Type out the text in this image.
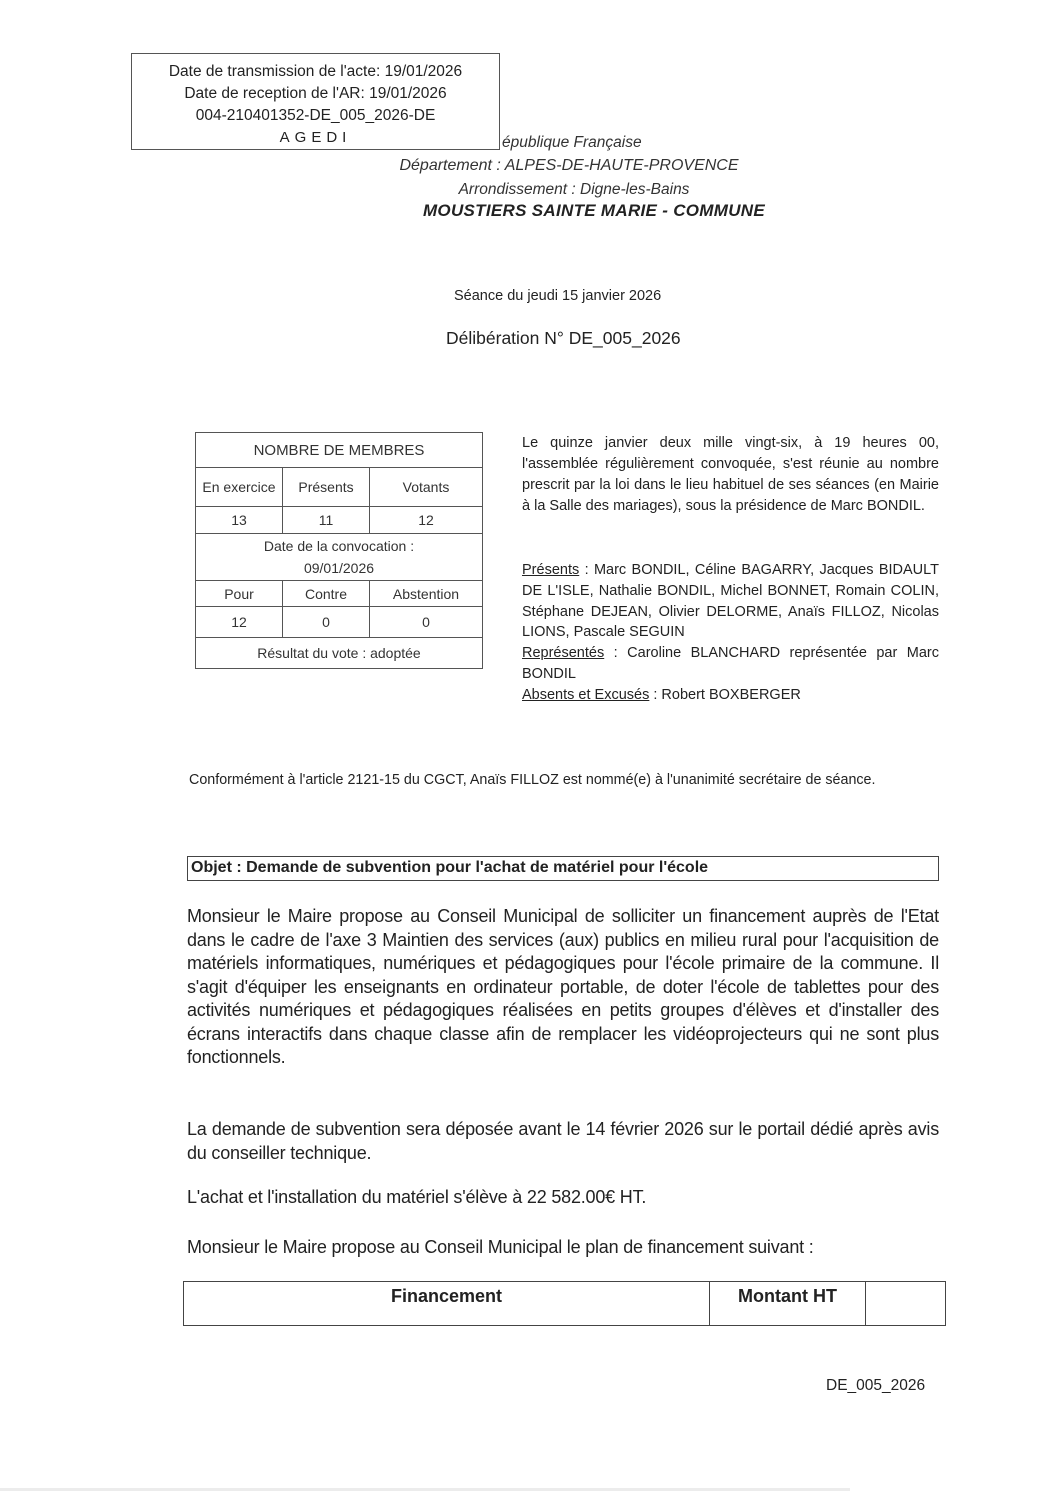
Date de transmission de l'acte: 19/01/2026
Date de reception de l'AR: 19/01/2026
004-210401352-DE_005_2026-DE
AGEDI	épublique Française
Département : ALPES-DE-HAUTE-PROVENCE
Arrondissement : Digne-les-Bains
MOUSTIERS SAINTE MARIE - COMMUNE
Séance du jeudi 15 janvier 2026
Délibération N° DE_005_2026
NOMBRE DE MEMBRES		
En exercice	Présents	Votants
13	11	12

Date de la convocation :
09/01/2026		

Pour	Contre	Abstention
12	0	0
Résultat du vote : adoptée		
Le quinze janvier deux mille vingt-six, à 19 heures 00, l'assemblée régulièrement convoquée, s'est réunie au nombre prescrit par la loi dans le lieu habituel de ses séances (en Mairie à la Salle des mariages), sous la présidence de Marc BONDIL.
Présents : Marc BONDIL, Céline BAGARRY, Jacques BIDAULT DE L'ISLE, Nathalie BONDIL, Michel BONNET, Romain COLIN, Stéphane DEJEAN, Olivier DELORME, Anaïs FILLOZ, Nicolas LIONS, Pascale SEGUIN
Représentés : Caroline BLANCHARD représentée par Marc BONDIL
Absents et Excusés : Robert BOXBERGER
Conformément à l'article 2121-15 du CGCT, Anaïs FILLOZ est nommé(e) à l'unanimité secrétaire de séance.
Objet : Demande de subvention pour l'achat de matériel pour l'école
Monsieur le Maire propose au Conseil Municipal de solliciter un financement auprès de l'Etat dans le cadre de l'axe 3 Maintien des services (aux) publics en milieu rural pour l'acquisition de matériels informatiques, numériques et pédagogiques pour l'école primaire de la commune. Il s'agit d'équiper les enseignants en ordinateur portable, de doter l'école de tablettes pour des activités numériques et pédagogiques réalisées en petits groupes d'élèves et d'installer des écrans interactifs dans chaque classe afin de remplacer les vidéoprojecteurs qui ne sont plus fonctionnels.
La demande de subvention sera déposée avant le 14 février 2026 sur le portail dédié après avis du conseiller technique.
L'achat et l'installation du matériel s'élève à 22 582.00€ HT.
Monsieur le Maire propose au Conseil Municipal le plan de financement suivant :
Financement	Montant HT	
DE_005_2026
